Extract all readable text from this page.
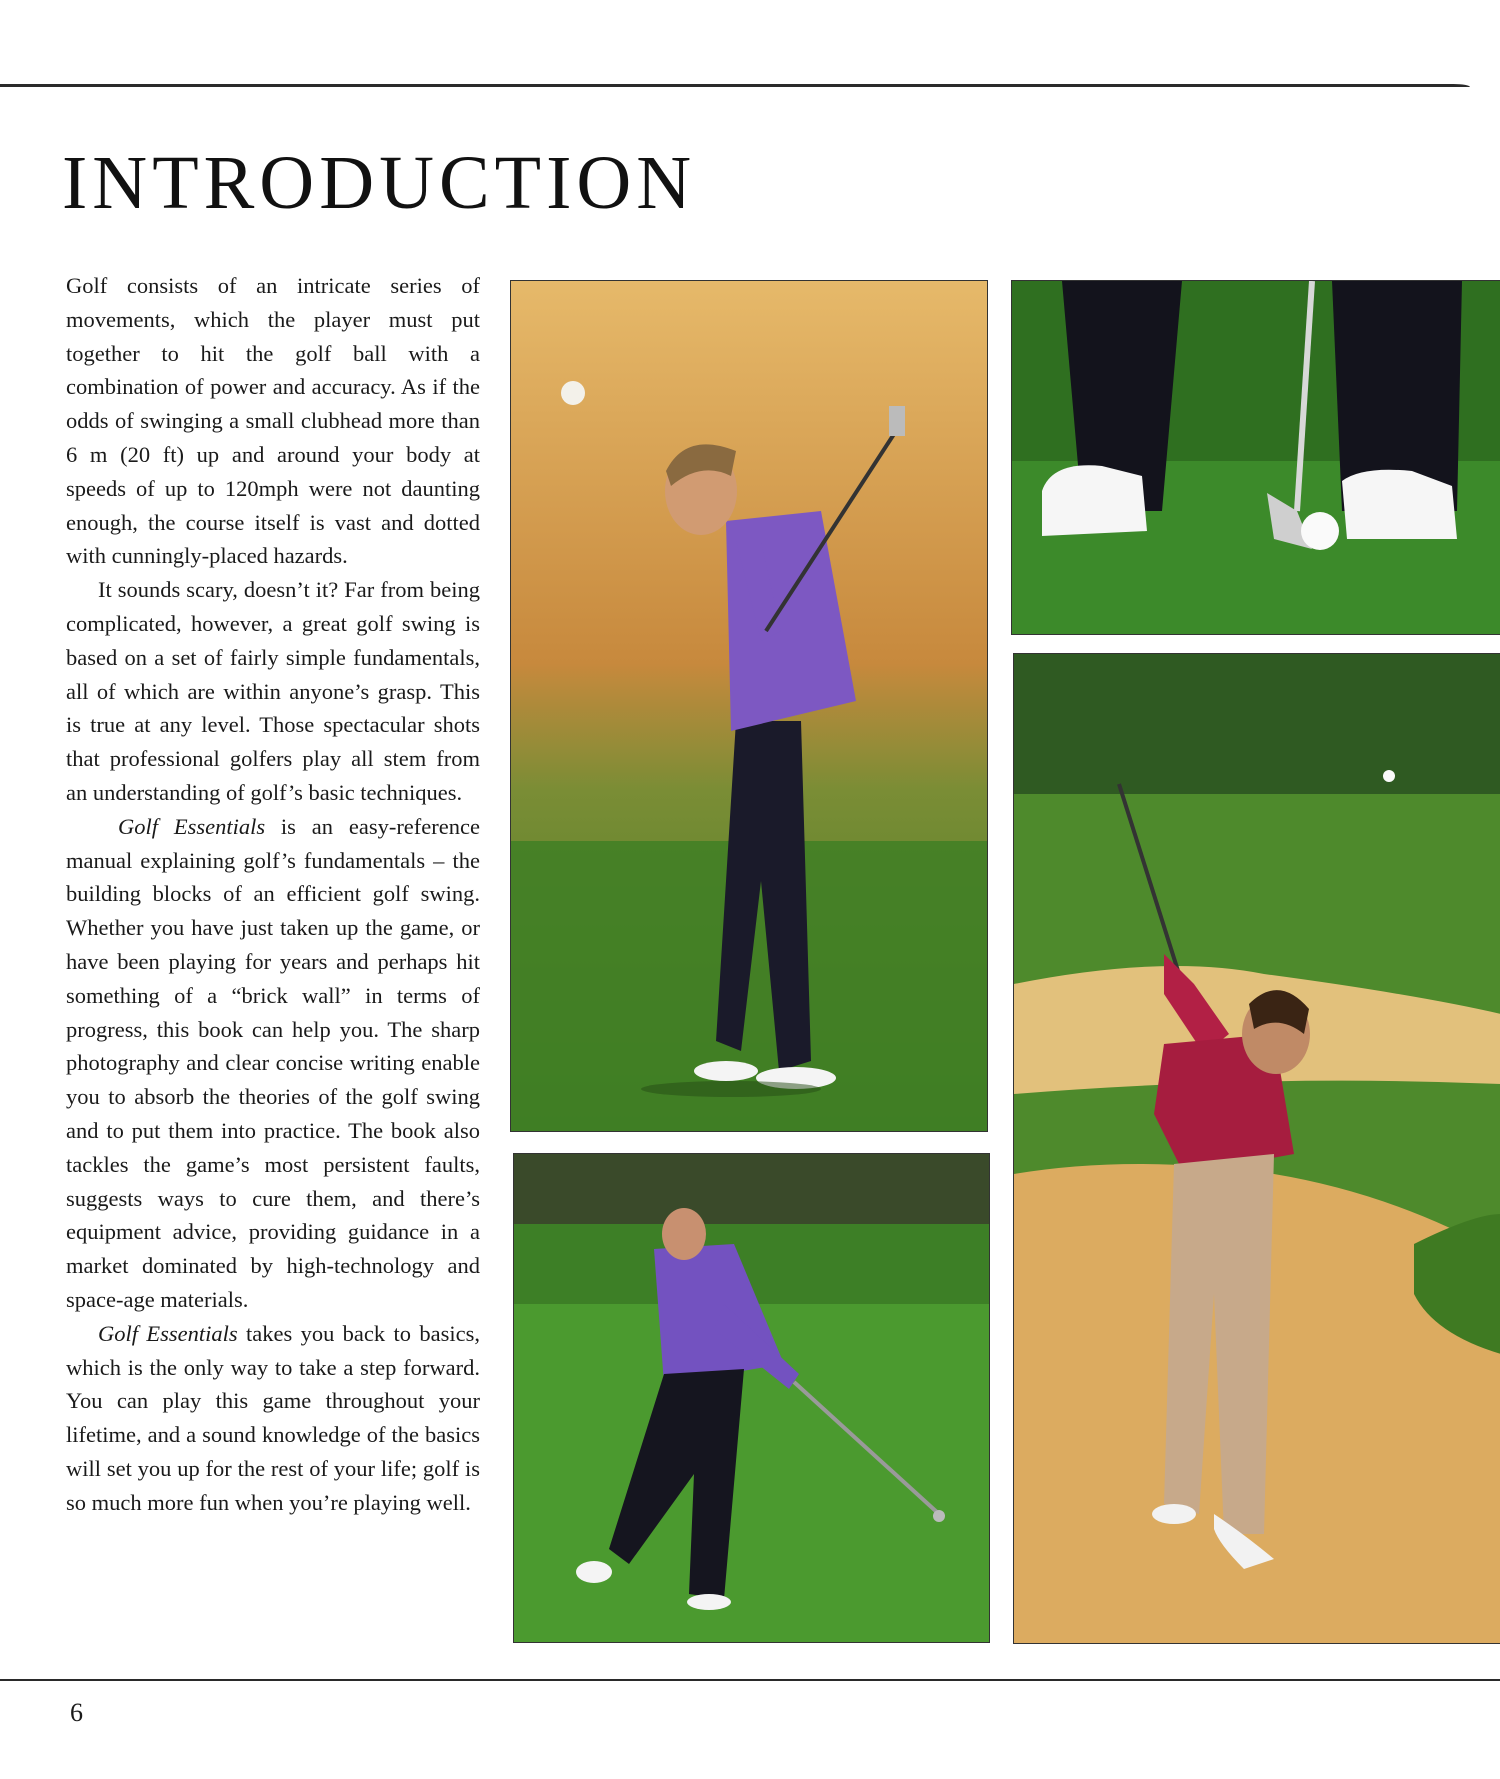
INTRODUCTION

Golf consists of an intricate series of movements, which the player must put together to hit the golf ball with a combination of power and accuracy. As if the odds of swinging a small clubhead more than 6 m (20 ft) up and around your body at speeds of up to 120mph were not daunting enough, the course itself is vast and dotted with cunningly-placed hazards.

It sounds scary, doesn’t it? Far from being complicated, however, a great golf swing is based on a set of fairly simple fundamentals, all of which are within anyone’s grasp. This is true at any level. Those spectacular shots that professional golfers play all stem from an understanding of golf’s basic techniques.

Golf Essentials is an easy-reference manual explaining golf’s fundamentals – the building blocks of an efficient golf swing. Whether you have just taken up the game, or have been playing for years and perhaps hit something of a “brick wall” in terms of progress, this book can help you. The sharp photography and clear concise writing enable you to absorb the theories of the golf swing and to put them into practice. The book also tackles the game’s most persistent faults, suggests ways to cure them, and there’s equipment advice, providing guidance in a market dominated by high-technology and space-age materials.

Golf Essentials takes you back to basics, which is the only way to take a step forward. You can play this game throughout your lifetime, and a sound knowledge of the basics will set you up for the rest of your life; golf is so much more fun when you’re playing well.

6
